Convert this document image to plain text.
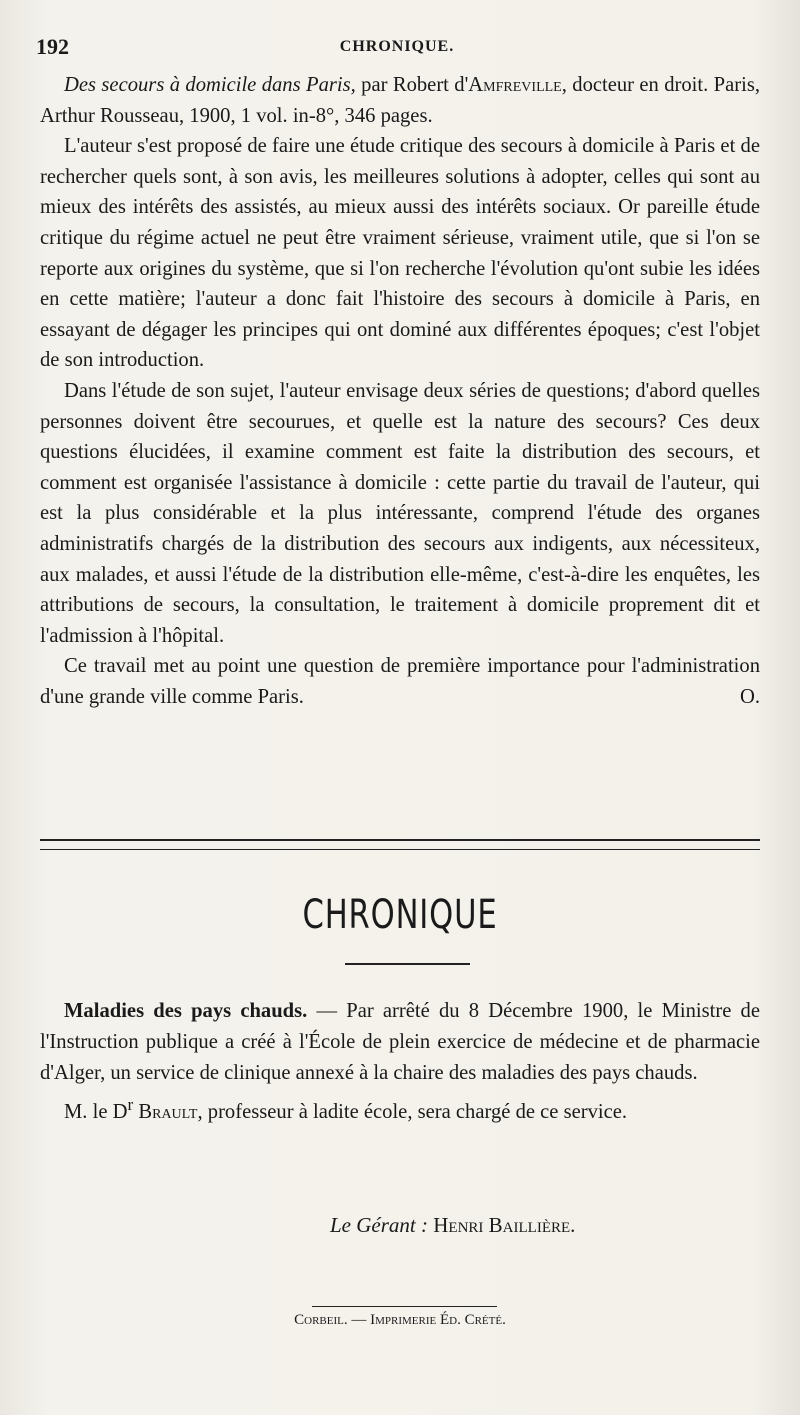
192	CHRONIQUE.

Des secours à domicile dans Paris, par Robert d'Amfreville, docteur en droit. Paris, Arthur Rousseau, 1900, 1 vol. in-8°, 346 pages.

L'auteur s'est proposé de faire une étude critique des secours à domicile à Paris et de rechercher quels sont, à son avis, les meilleures solutions à adopter, celles qui sont au mieux des intérêts des assistés, au mieux aussi des intérêts sociaux. Or pareille étude critique du régime actuel ne peut être vraiment sérieuse, vraiment utile, que si l'on se reporte aux origines du système, que si l'on recherche l'évolution qu'ont subie les idées en cette matière; l'auteur a donc fait l'histoire des secours à domicile à Paris, en essayant de dégager les principes qui ont dominé aux différentes époques; c'est l'objet de son introduction.

Dans l'étude de son sujet, l'auteur envisage deux séries de questions; d'abord quelles personnes doivent être secourues, et quelle est la nature des secours? Ces deux questions élucidées, il examine comment est faite la distribution des secours, et comment est organisée l'assistance à domicile : cette partie du travail de l'auteur, qui est la plus considérable et la plus intéressante, comprend l'étude des organes administratifs chargés de la distribution des secours aux indigents, aux nécessiteux, aux malades, et aussi l'étude de la distribution elle-même, c'est-à-dire les enquêtes, les attributions de secours, la consultation, le traitement à domicile proprement dit et l'admission à l'hôpital.

Ce travail met au point une question de première importance pour l'administration d'une grande ville comme Paris.	O.

CHRONIQUE

Maladies des pays chauds. — Par arrêté du 8 Décembre 1900, le Ministre de l'Instruction publique a créé à l'École de plein exercice de médecine et de pharmacie d'Alger, un service de clinique annexé à la chaire des maladies des pays chauds.

M. le $D^r$ Brault, professeur à ladite école, sera chargé de ce service.

Le Gérant : Henri Baillière.
Corbeil. — Imprimerie Éd. Crété.
